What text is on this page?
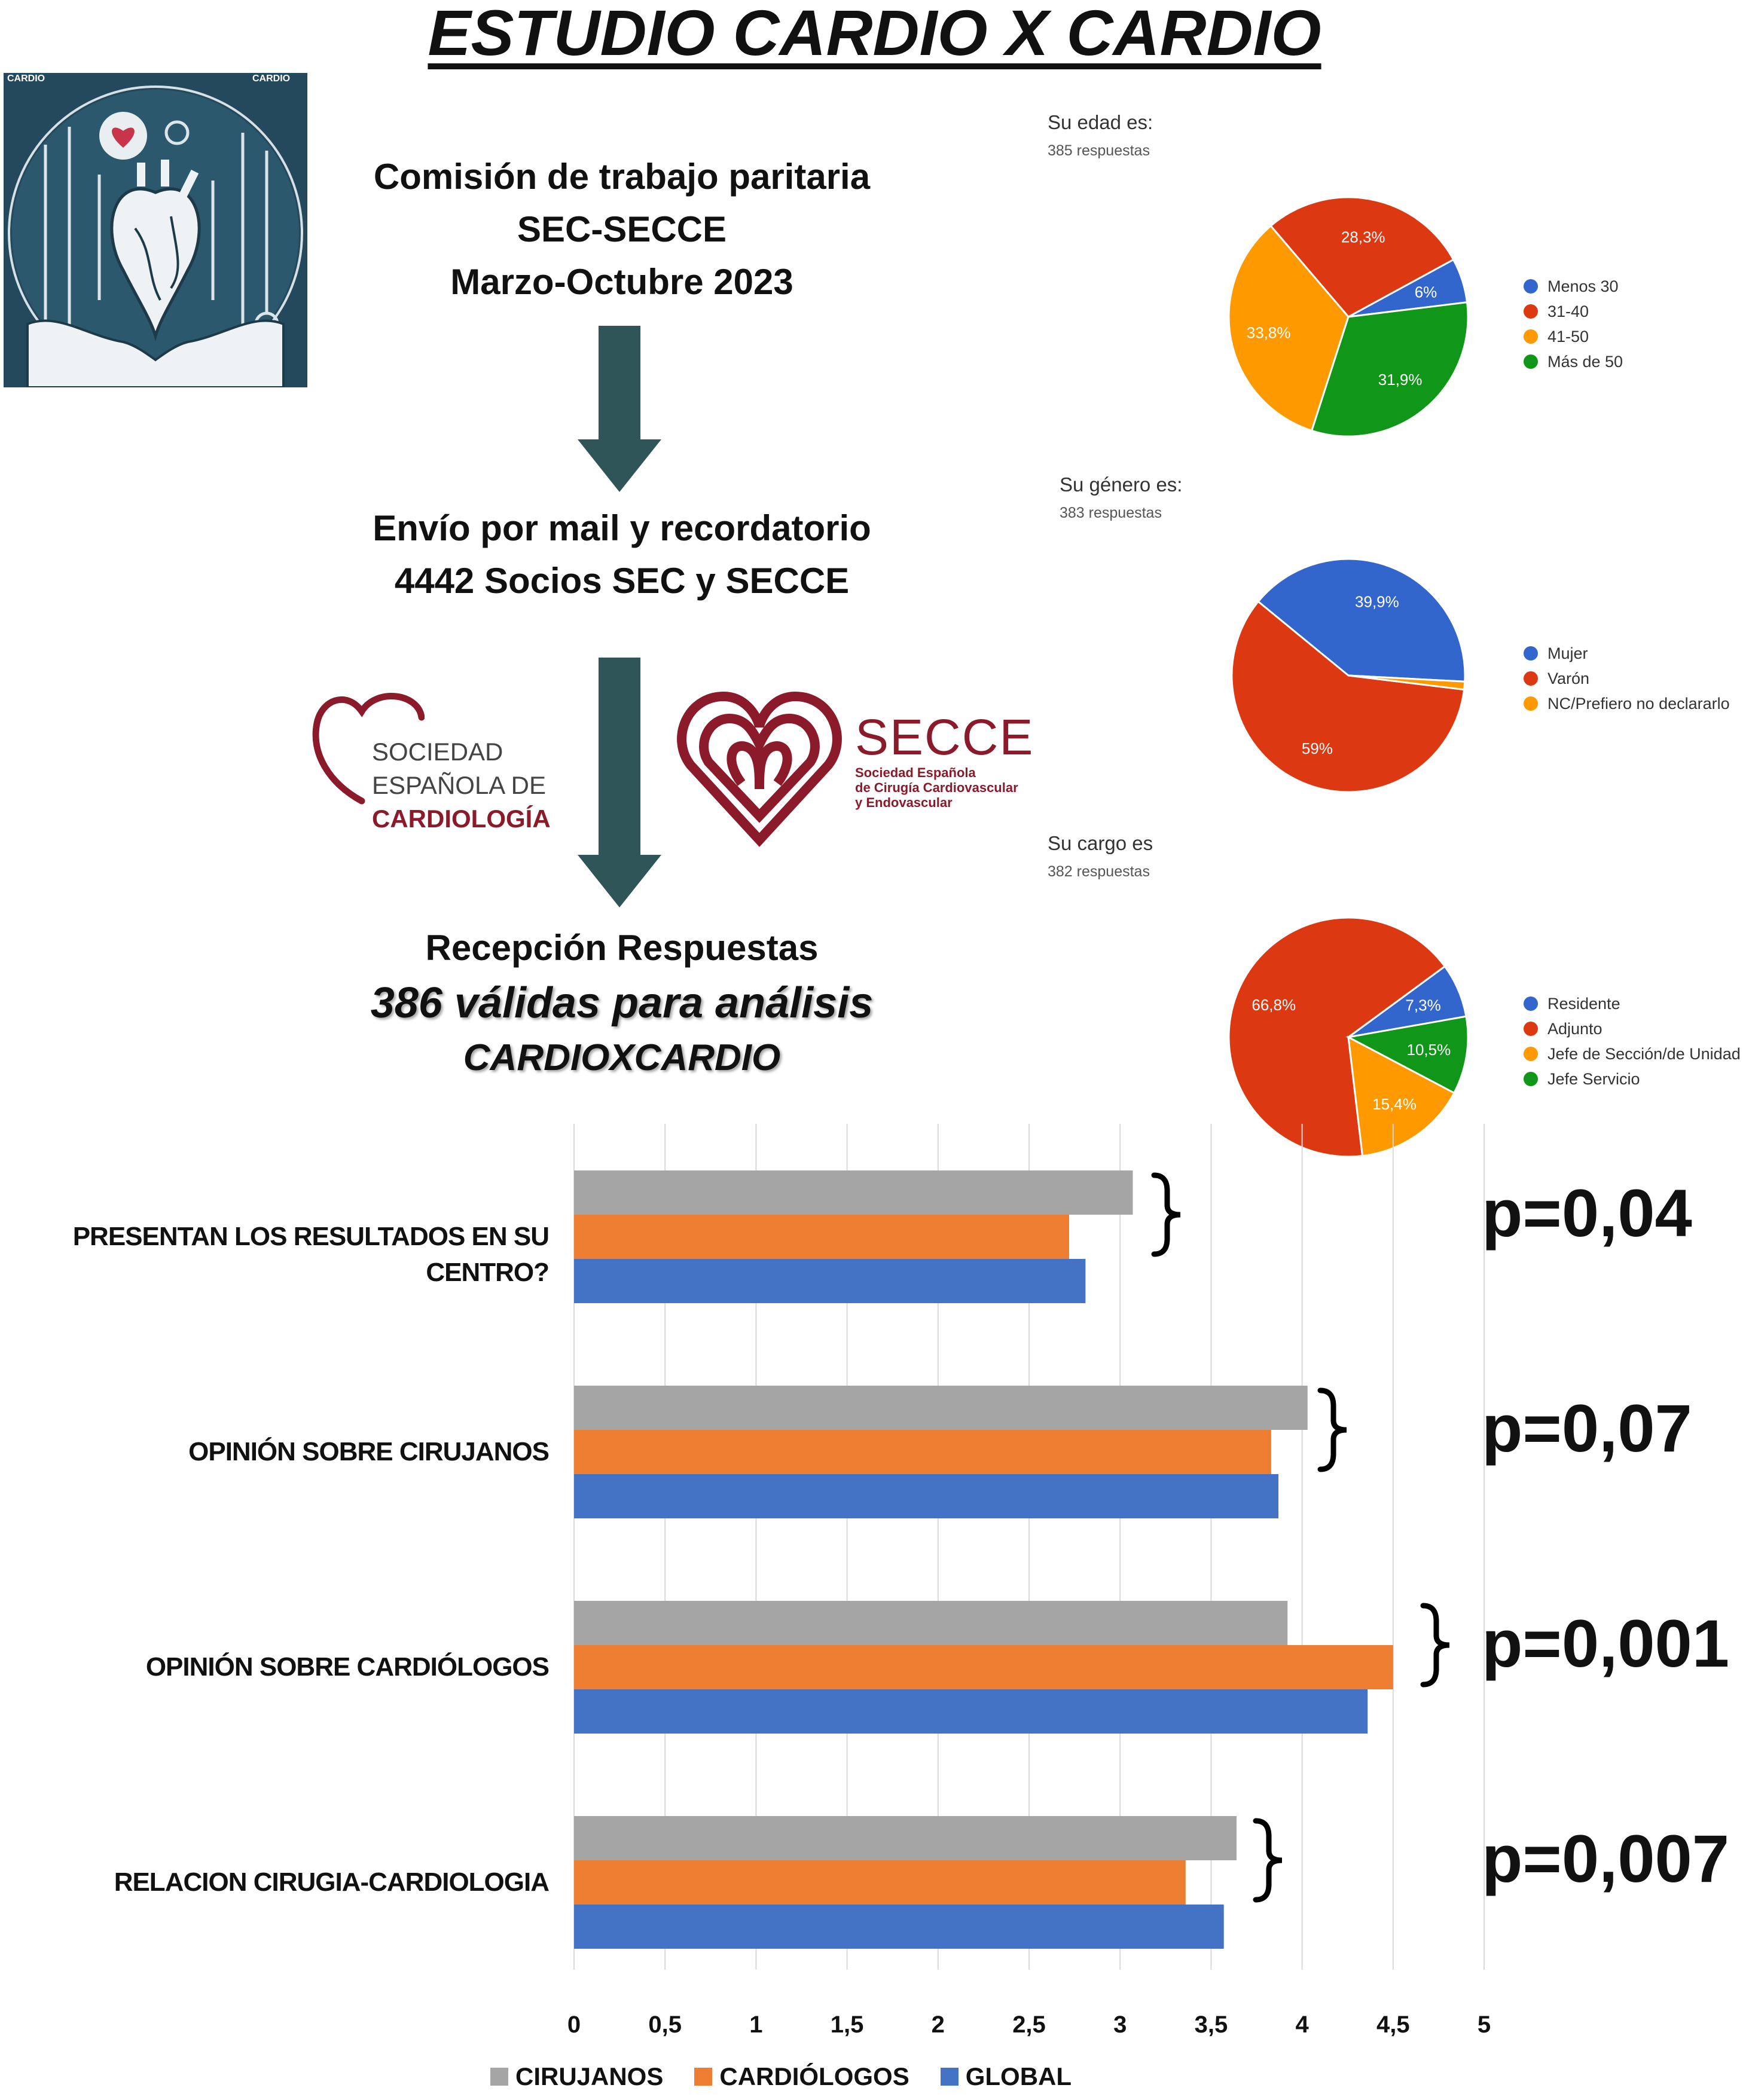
ESTUDIO CARDIO X CARDIO
CARDIO	CARDIO
Comisión de trabajo paritaria
SEC-SECCE
Marzo-Octubre 2023
Envío por mail y recordatorio
4442 Socios SEC y SECCE
SOCIEDAD
ESPAÑOLA DE
CARDIOLOGÍA
SECCE
Sociedad Española
de Cirugía Cardiovascular
y Endovascular
Recepción Respuestas
386 válidas para análisis
CARDIOXCARDIO
Su edad es:
385 respuestas
6%
28,3%
33,8%
31,9%
Menos 30
31-40
41-50
Más de 50
Su género es:
383 respuestas
39,9%
59%
Mujer
Varón
NC/Prefiero no declararlo
Su cargo es
382 respuestas
7,3%
66,8%
15,4%
10,5%
Residente
Adjunto
Jefe de Sección/de Unidad
Jefe Servicio
PRESENTAN LOS RESULTADOS EN SU CENTRO?
OPINIÓN SOBRE CIRUJANOS
OPINIÓN SOBRE CARDIÓLOGOS
RELACION CIRUGIA-CARDIOLOGIA
p=0,04
p=0,07
p=0,001
p=0,007
0	0,5	1	1,5	2	2,5	3	3,5	4	4,5	5
CIRUJANOS CARDIÓLOGOS GLOBAL
